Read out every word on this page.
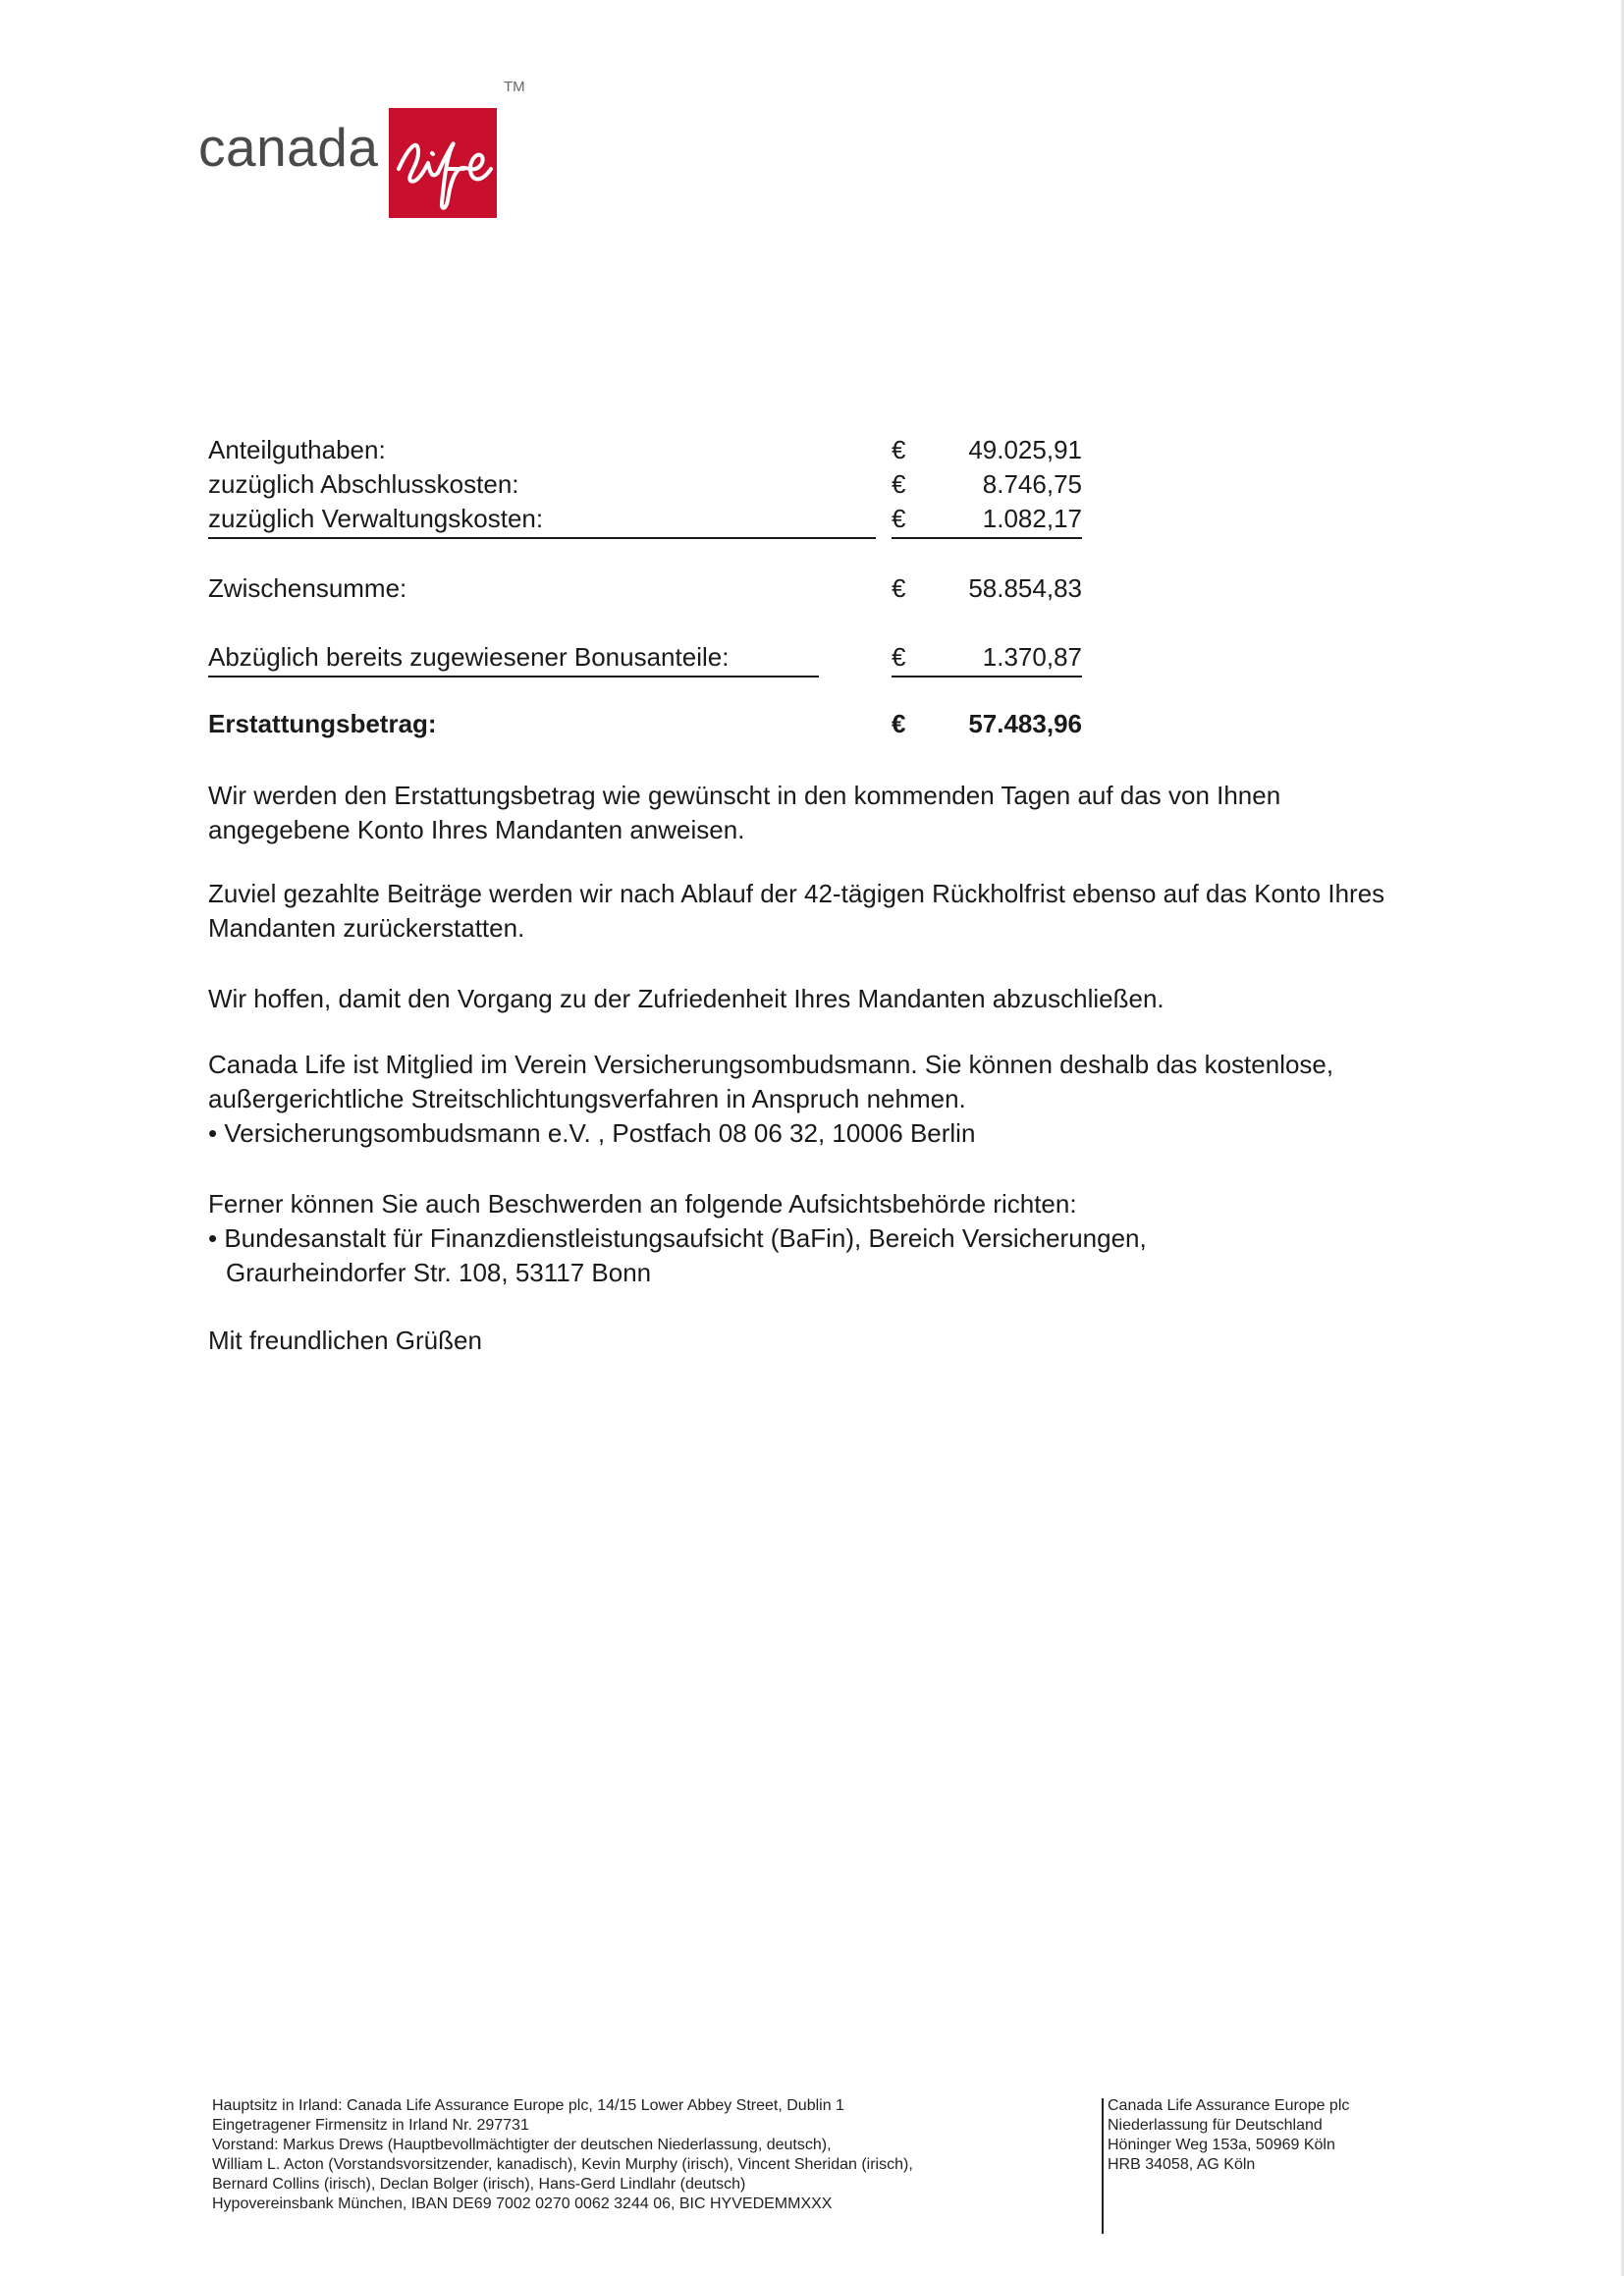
canada
TM
Anteilguthaben:	€	49.025,91
zuzüglich Abschlusskosten:	€	8.746,75
zuzüglich Verwaltungskosten:	€	1.082,17
Zwischensumme:	€	58.854,83
Abzüglich bereits zugewiesener Bonusanteile:	€	1.370,87
Erstattungsbetrag:	€	57.483,96

Wir werden den Erstattungsbetrag wie gewünscht in den kommenden Tagen auf das von Ihnen angegebene Konto Ihres Mandanten anweisen.

Zuviel gezahlte Beiträge werden wir nach Ablauf der 42-tägigen Rückholfrist ebenso auf das Konto Ihres Mandanten zurückerstatten.

Wir hoffen, damit den Vorgang zu der Zufriedenheit Ihres Mandanten abzuschließen.

Canada Life ist Mitglied im Verein Versicherungsombudsmann. Sie können deshalb das kostenlose, außergerichtliche Streitschlichtungsverfahren in Anspruch nehmen.

• Versicherungsombudsmann e.V. , Postfach 08 06 32, 10006 Berlin

Ferner können Sie auch Beschwerden an folgende Aufsichtsbehörde richten:

• Bundesanstalt für Finanzdienstleistungsaufsicht (BaFin), Bereich Versicherungen,

Graurheindorfer Str. 108, 53117 Bonn

Mit freundlichen Grüßen

Hauptsitz in Irland: Canada Life Assurance Europe plc, 14/15 Lower Abbey Street, Dublin 1
Eingetragener Firmensitz in Irland Nr. 297731
Vorstand: Markus Drews (Hauptbevollmächtigter der deutschen Niederlassung, deutsch),
William L. Acton (Vorstandsvorsitzender, kanadisch), Kevin Murphy (irisch), Vincent Sheridan (irisch),
Bernard Collins (irisch), Declan Bolger (irisch), Hans-Gerd Lindlahr (deutsch)
Hypovereinsbank München, IBAN DE69 7002 0270 0062 3244 06, BIC HYVEDEMMXXX
Canada Life Assurance Europe plc
Niederlassung für Deutschland
Höninger Weg 153a, 50969 Köln
HRB 34058, AG Köln
